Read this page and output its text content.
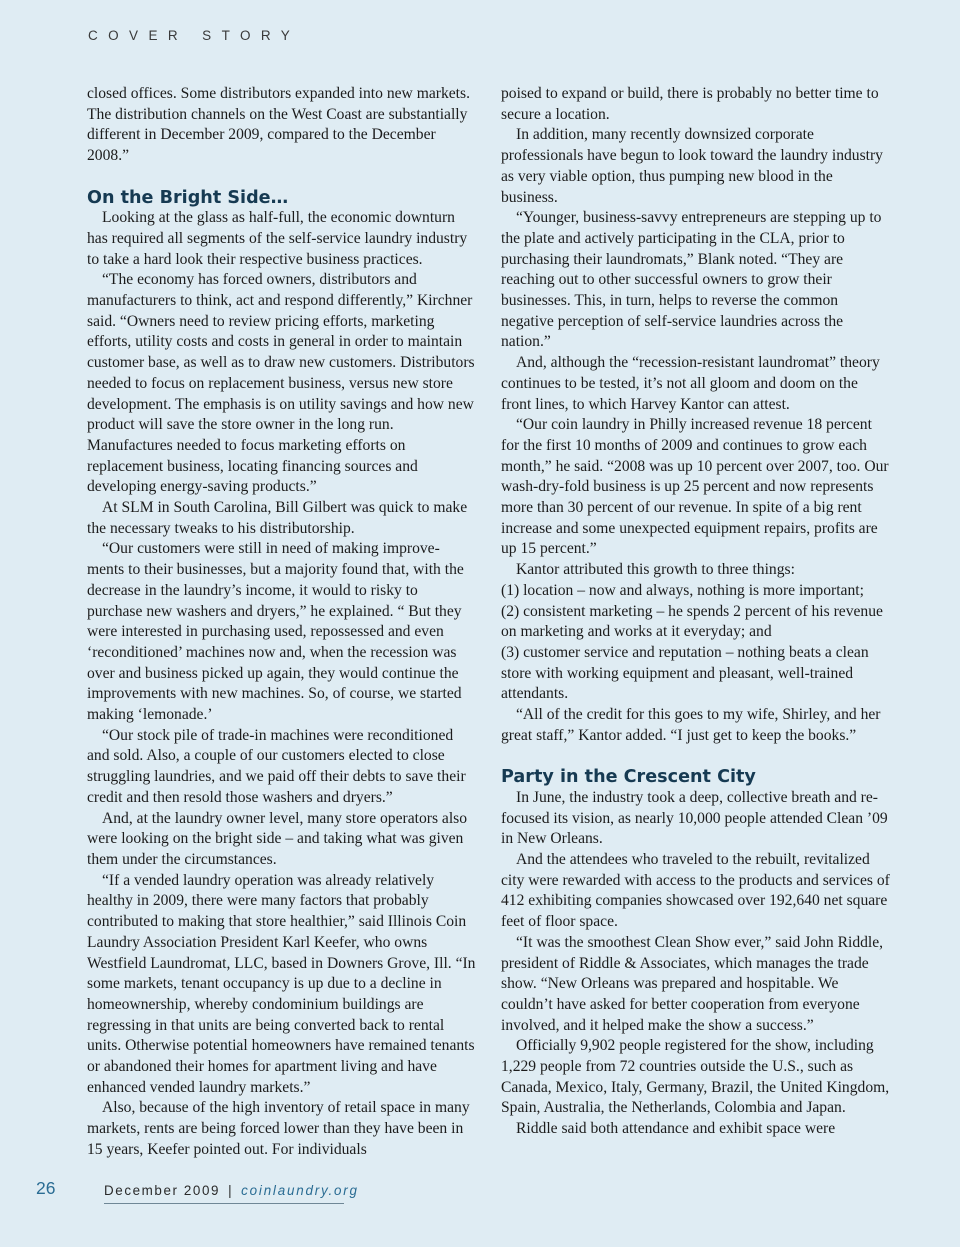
COVER STORY

closed offices. Some distributors expanded into new markets. The distribution channels on the West Coast are substantially different in December 2009, compared to the December 2008.”

On the Bright Side…

Looking at the glass as half-full, the economic downturn has required all segments of the self-service laundry industry to take a hard look their respective business practices.

“The economy has forced owners, distributors and manufacturers to think, act and respond differently,” Kirchner said. “Owners need to review pricing efforts, marketing efforts, utility costs and costs in general in order to maintain customer base, as well as to draw new customers. Distributors needed to focus on replacement business, versus new store development. The emphasis is on utility savings and how new product will save the store owner in the long run. Manufactures needed to focus marketing efforts on replacement business, locating financing sources and developing energy-saving products.”

At SLM in South Carolina, Bill Gilbert was quick to make the necessary tweaks to his distributorship.

“Our customers were still in need of making improve-ments to their businesses, but a majority found that, with the decrease in the laundry’s income, it would to risky to purchase new washers and dryers,” he explained. “ But they were interested in purchasing used, repossessed and even ‘reconditioned’ machines now and, when the recession was over and business picked up again, they would continue the improvements with new machines. So, of course, we started making ‘lemonade.’

“Our stock pile of trade-in machines were reconditioned and sold. Also, a couple of our customers elected to close struggling laundries, and we paid off their debts to save their credit and then resold those washers and dryers.”

And, at the laundry owner level, many store operators also were looking on the bright side – and taking what was given them under the circumstances.

“If a vended laundry operation was already relatively healthy in 2009, there were many factors that probably contributed to making that store healthier,” said Illinois Coin Laundry Association President Karl Keefer, who owns Westfield Laundromat, LLC, based in Downers Grove, Ill. “In some markets, tenant occupancy is up due to a decline in homeownership, whereby condominium buildings are regressing in that units are being converted back to rental units. Otherwise potential homeowners have remained tenants or abandoned their homes for apartment living and have enhanced vended laundry markets.”

Also, because of the high inventory of retail space in many markets, rents are being forced lower than they have been in 15 years, Keefer pointed out. For individuals

poised to expand or build, there is probably no better time to secure a location.

In addition, many recently downsized corporate professionals have begun to look toward the laundry industry as very viable option, thus pumping new blood in the business.

“Younger, business-savvy entrepreneurs are stepping up to the plate and actively participating in the CLA, prior to purchasing their laundromats,” Blank noted. “They are reaching out to other successful owners to grow their businesses. This, in turn, helps to reverse the common negative perception of self-service laundries across the nation.”

And, although the “recession-resistant laundromat” theory continues to be tested, it’s not all gloom and doom on the front lines, to which Harvey Kantor can attest.

“Our coin laundry in Philly increased revenue 18 percent for the first 10 months of 2009 and continues to grow each month,” he said. “2008 was up 10 percent over 2007, too. Our wash-dry-fold business is up 25 percent and now represents more than 30 percent of our revenue. In spite of a big rent increase and some unexpected equipment repairs, profits are up 15 percent.”

Kantor attributed this growth to three things:

(1) location – now and always, nothing is more important;

(2) consistent marketing – he spends 2 percent of his revenue on marketing and works at it everyday; and

(3) customer service and reputation – nothing beats a clean store with working equipment and pleasant, well-trained attendants.

“All of the credit for this goes to my wife, Shirley, and her great staff,” Kantor added. “I just get to keep the books.”

Party in the Crescent City

In June, the industry took a deep, collective breath and re-focused its vision, as nearly 10,000 people attended Clean ’09 in New Orleans.

And the attendees who traveled to the rebuilt, revitalized city were rewarded with access to the products and services of 412 exhibiting companies showcased over 192,640 net square feet of floor space.

“It was the smoothest Clean Show ever,” said John Riddle, president of Riddle & Associates, which manages the trade show. “New Orleans was prepared and hospitable. We couldn’t have asked for better cooperation from everyone involved, and it helped make the show a success.”

Officially 9,902 people registered for the show, including 1,229 people from 72 countries outside the U.S., such as Canada, Mexico, Italy, Germany, Brazil, the United Kingdom, Spain, Australia, the Netherlands, Colombia and Japan.

Riddle said both attendance and exhibit space were

26	December 2009 | coinlaundry.org
